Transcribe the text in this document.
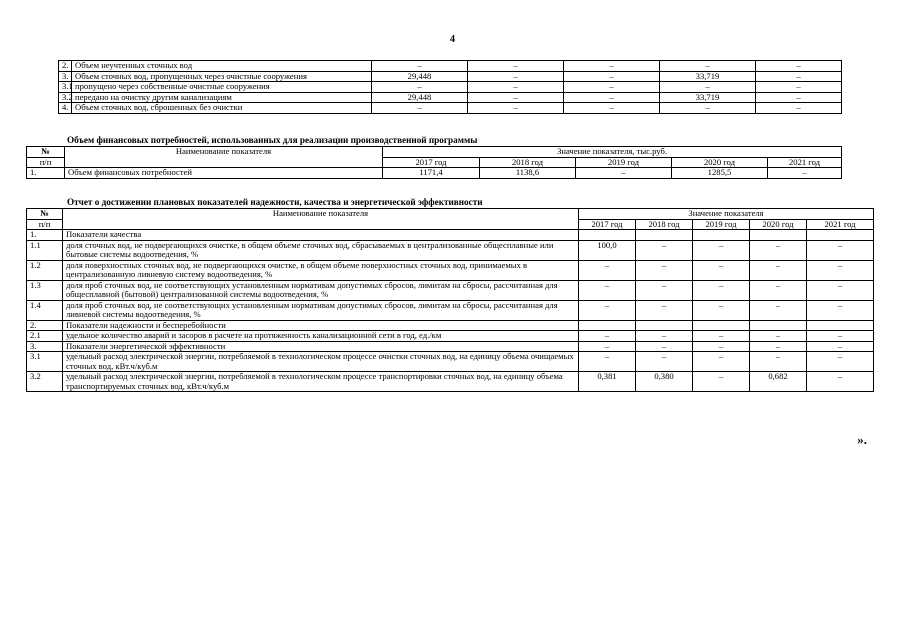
4
2.	Объем неучтенных сточных вод	–	–	–	–	–
3.	Объем сточных вод, пропущенных через очистные сооружения	29,448	–	–	33,719	–
3.1	пропущено через собственные очистные сооружения	–	–	–	–	–
3.2	передано на очистку другим канализациям	29,448	–	–	33,719	–
4.	Объем сточных вод, сброшенных без очистки	–	–	–	–	–
Объем финансовых потребностей, использованных для реализации производственной программы
№	Наименование показателя	Значение показателя, тыс.руб.				
п/п		2017 год	2018 год	2019 год	2020 год	2021 год
1.	Объем финансовых потребностей	1171,4	1138,6	–	1285,5	–
Отчет о достижении плановых показателей надежности, качества и энергетической эффективности
№	Наименование показателя	Значение показателя				
п/п		2017 год	2018 год	2019 год	2020 год	2021 год
1.	Показатели качества					
1.1	доля сточных вод, не подвергающихся очистке, в общем объеме сточных вод, сбрасываемых в централизованные общесплавные или бытовые системы водоотведения, %	100,0	–	–	–	–
1.2	доля поверхностных сточных вод, не подвергающихся очистке, в общем объеме поверхностных сточных вод, принимаемых в централизованную ливневую систему водоотведения, %	–	–	–	–	–
1.3	доля проб сточных вод, не соответствующих установленным нормативам допустимых сбросов, лимитам на сбросы, рассчитанная для общесплавной (бытовой) централизованной системы водоотведения, %	–	–	–	–	–
1.4	доля проб сточных вод, не соответствующих установленным нормативам допустимых сбросов, лимитам на сбросы, рассчитанная для ливневой системы водоотведения, %	–	–	–	–	–
2.	Показатели надежности и бесперебойности					
2.1	удельное количество аварий и засоров в расчете на протяженность канализационной сети в год, ед./км	–	–	–	–	–
3.	Показатели энергетической эффективности	–	–	–	–	–
3.1	удельный расход электрической энергии, потребляемой в технологическом процессе очистки сточных вод, на единицу объема очищаемых сточных вод, кВт.ч/куб.м	–	–	–	–	–
3.2	удельный расход электрической энергии, потребляемой в технологическом процессе транспортировки сточных вод, на единицу объема транспортируемых сточных вод, кВт.ч/куб.м	0,381	0,380	–	0,682	–
».
